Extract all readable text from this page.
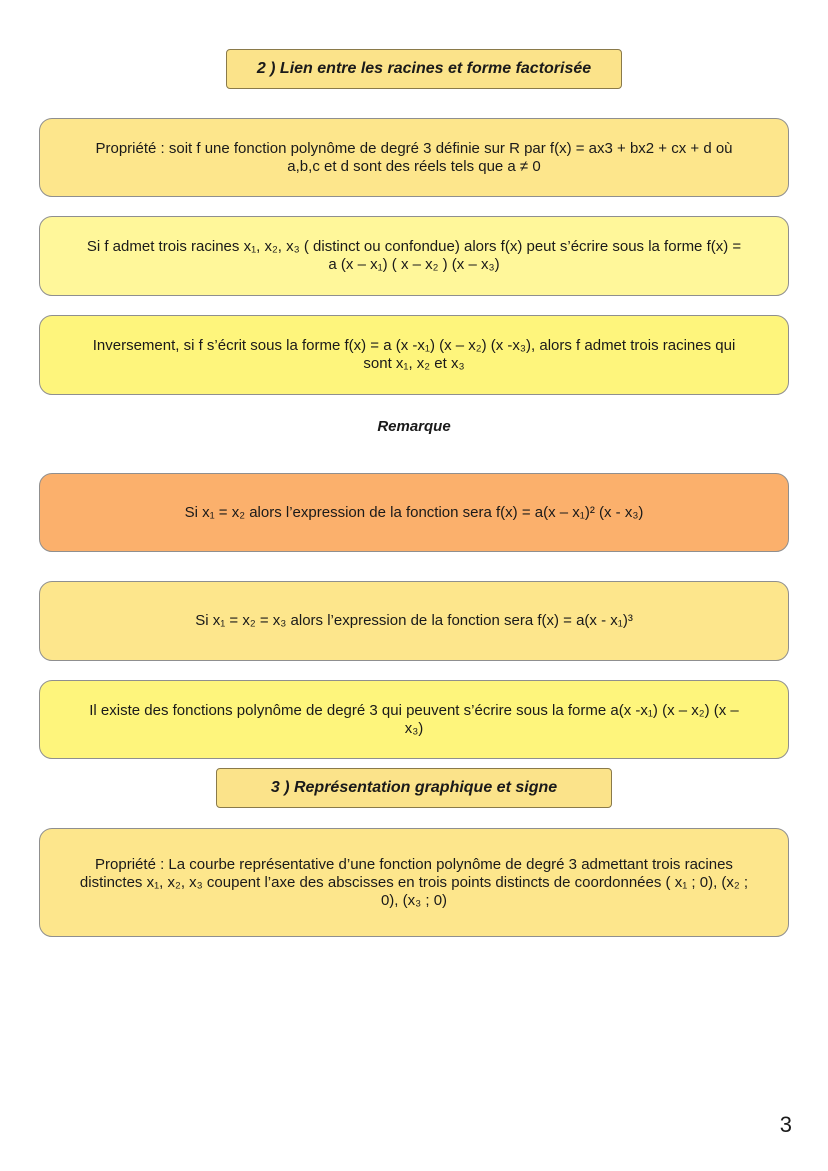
2 ) Lien entre les racines et forme factorisée
Propriété : soit f une fonction polynôme de degré 3 définie sur R par f(x) = ax3 + bx2 + cx + d où
a,b,c et d sont des réels tels que a ≠ 0
Si f admet trois racines x₁, x₂, x₃ ( distinct ou confondue) alors f(x) peut s’écrire sous la forme f(x) =
a (x – x₁) ( x – x₂ ) (x – x₃)
Inversement, si f s’écrit sous la forme f(x) = a (x -x₁) (x – x₂) (x -x₃), alors f admet trois racines qui
sont x₁, x₂ et x₃
Remarque
Si x₁ = x₂ alors l’expression de la fonction sera f(x) = a(x – x₁)² (x - x₃)
Si x₁ = x₂ = x₃ alors l’expression de la fonction sera f(x) = a(x - x₁)³
Il existe des fonctions polynôme de degré 3 qui peuvent s’écrire sous la forme a(x -x₁) (x – x₂) (x –
x₃)
3 ) Représentation graphique et signe
Propriété : La courbe représentative d’une fonction polynôme de degré 3 admettant trois racines
distinctes x₁, x₂, x₃ coupent l’axe des abscisses en trois points distincts de coordonnées ( x₁ ; 0), (x₂ ;
0), (x₃ ; 0)
3
